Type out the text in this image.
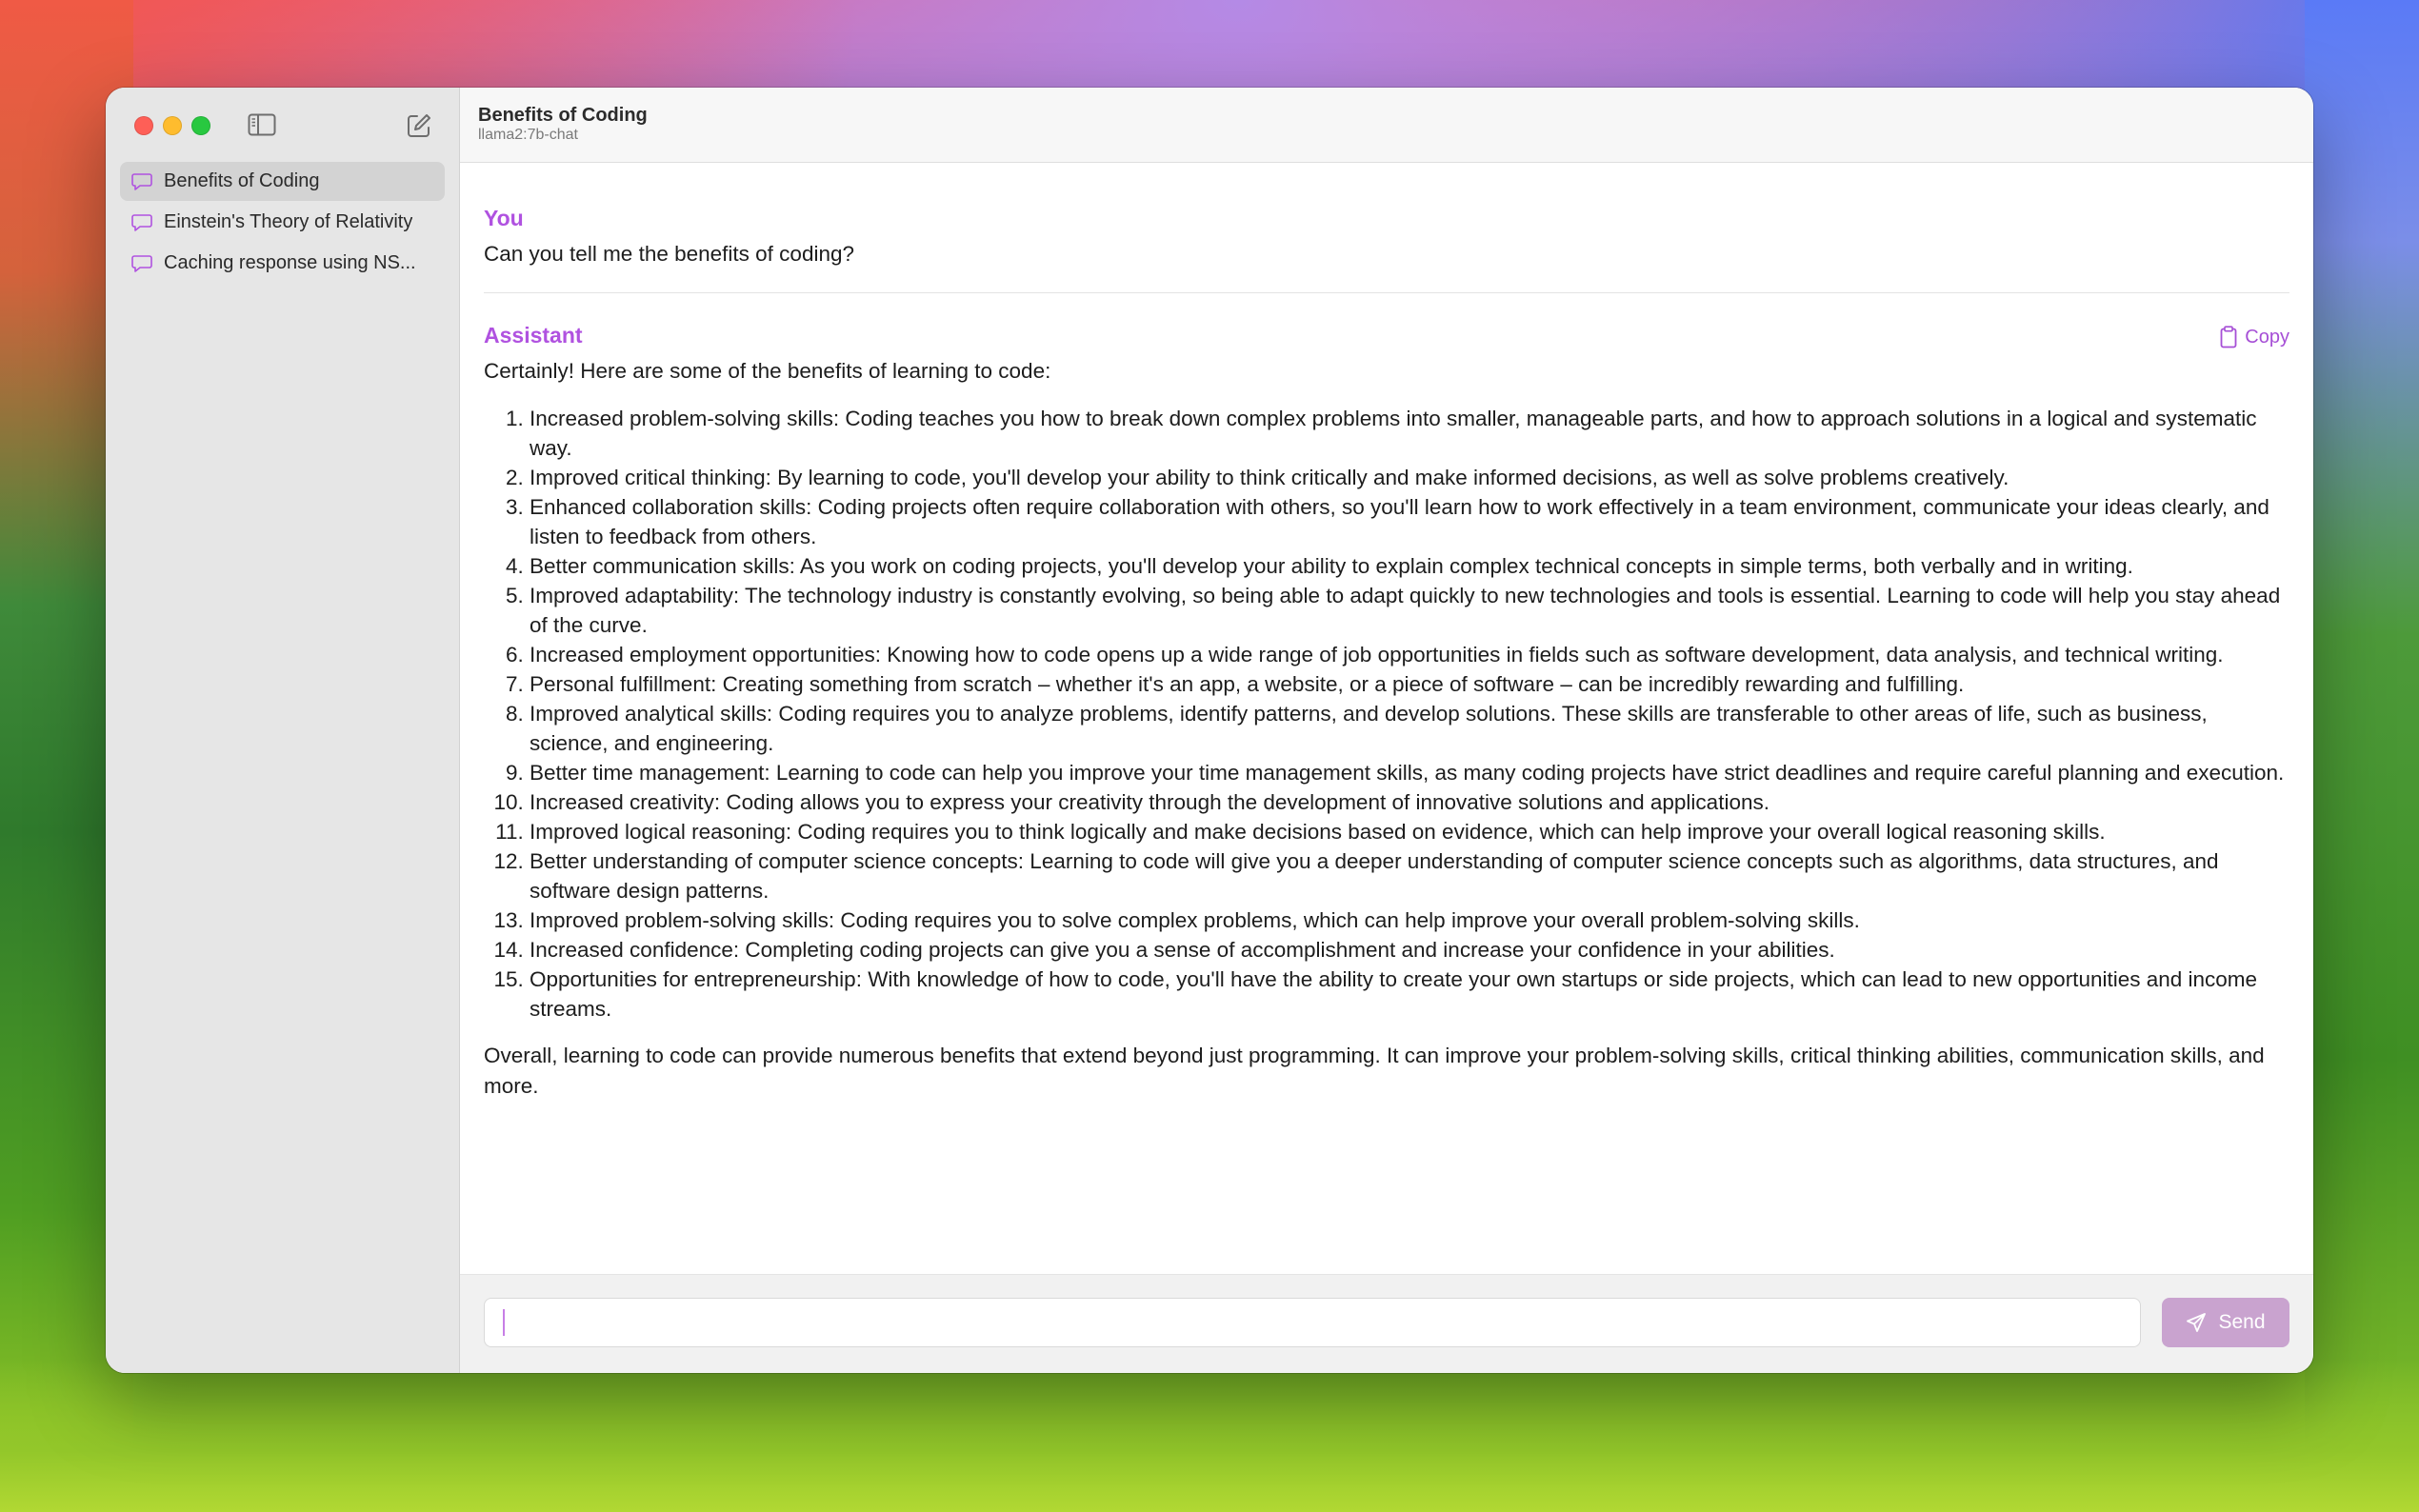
Benefits of Coding
Einstein's Theory of Relativity
Caching response using NS...
Benefits of Coding
llama2:7b-chat
You
Can you tell me the benefits of coding?
Assistant	Copy

Certainly! Here are some of the benefits of learning to code:

1. Increased problem-solving skills: Coding teaches you how to break down complex problems into smaller, manageable parts, and how to approach solutions in a logical and systematic way.
2. Improved critical thinking: By learning to code, you'll develop your ability to think critically and make informed decisions, as well as solve problems creatively.
3. Enhanced collaboration skills: Coding projects often require collaboration with others, so you'll learn how to work effectively in a team environment, communicate your ideas clearly, and listen to feedback from others.
4. Better communication skills: As you work on coding projects, you'll develop your ability to explain complex technical concepts in simple terms, both verbally and in writing.
5. Improved adaptability: The technology industry is constantly evolving, so being able to adapt quickly to new technologies and tools is essential. Learning to code will help you stay ahead of the curve.
6. Increased employment opportunities: Knowing how to code opens up a wide range of job opportunities in fields such as software development, data analysis, and technical writing.
7. Personal fulfillment: Creating something from scratch – whether it's an app, a website, or a piece of software – can be incredibly rewarding and fulfilling.
8. Improved analytical skills: Coding requires you to analyze problems, identify patterns, and develop solutions. These skills are transferable to other areas of life, such as business, science, and engineering.
9. Better time management: Learning to code can help you improve your time management skills, as many coding projects have strict deadlines and require careful planning and execution.
10. Increased creativity: Coding allows you to express your creativity through the development of innovative solutions and applications.
11. Improved logical reasoning: Coding requires you to think logically and make decisions based on evidence, which can help improve your overall logical reasoning skills.
12. Better understanding of computer science concepts: Learning to code will give you a deeper understanding of computer science concepts such as algorithms, data structures, and software design patterns.
13. Improved problem-solving skills: Coding requires you to solve complex problems, which can help improve your overall problem-solving skills.
14. Increased confidence: Completing coding projects can give you a sense of accomplishment and increase your confidence in your abilities.
15. Opportunities for entrepreneurship: With knowledge of how to code, you'll have the ability to create your own startups or side projects, which can lead to new opportunities and income streams.

Overall, learning to code can provide numerous benefits that extend beyond just programming. It can improve your problem-solving skills, critical thinking abilities, communication skills, and more.

Send
